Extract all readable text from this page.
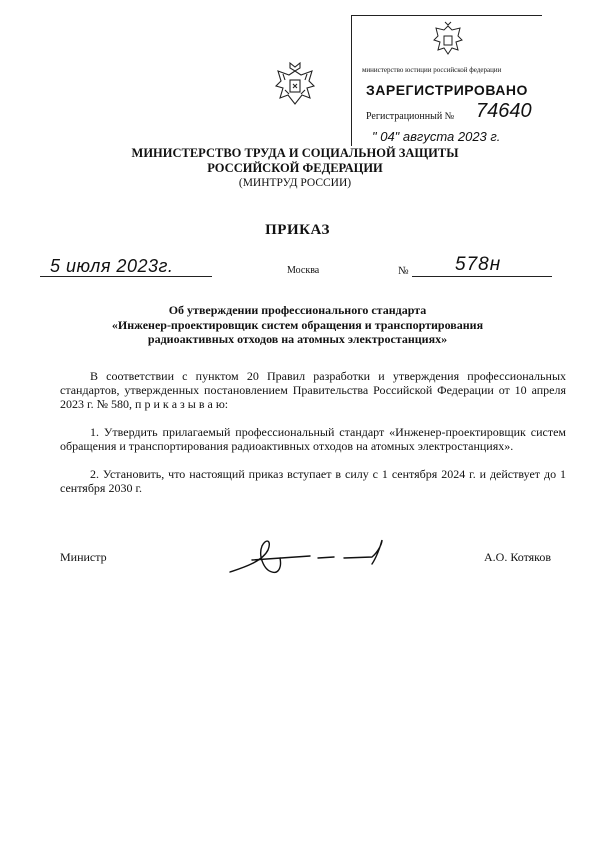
министерство юстиции российской федерации
ЗАРЕГИСТРИРОВАНО
Регистрационный № 74640
" 04" августа 2023 г.
МИНИСТЕРСТВО ТРУДА И СОЦИАЛЬНОЙ ЗАЩИТЫ
РОССИЙСКОЙ ФЕДЕРАЦИИ
(МИНТРУД РОССИИ)
ПРИКАЗ
5 июля 2023г.	Москва	№ 578н
Об утверждении профессионального стандарта
«Инженер-проектировщик систем обращения и транспортирования
радиоактивных отходов на атомных электростанциях»
В соответствии с пунктом 20 Правил разработки и утверждения профессиональных стандартов, утвержденных постановлением Правительства Российской Федерации от 10 апреля 2023 г. № 580, п р и к а з ы в а ю:
1. Утвердить прилагаемый профессиональный стандарт «Инженер-проектировщик систем обращения и транспортирования радиоактивных отходов на атомных электростанциях».
2. Установить, что настоящий приказ вступает в силу с 1 сентября 2024 г. и действует до 1 сентября 2030 г.
Министр	А.О. Котяков
